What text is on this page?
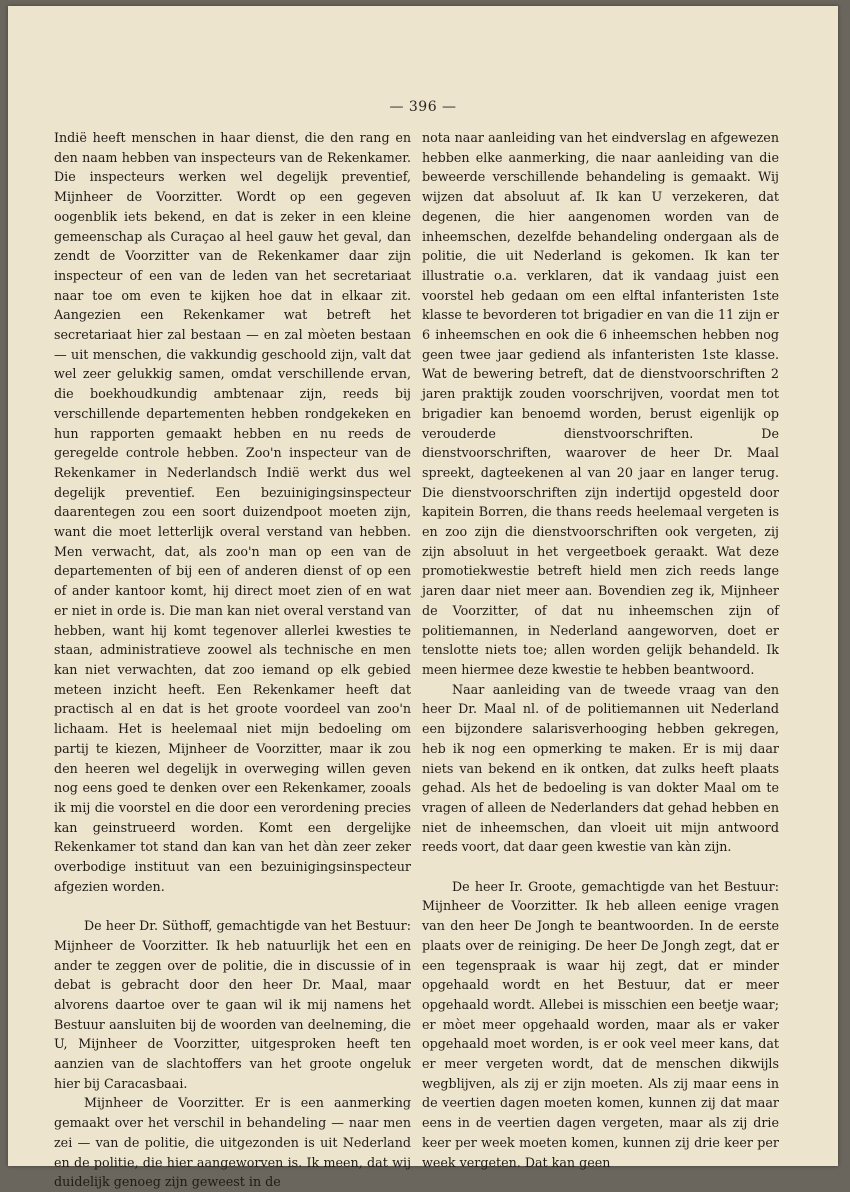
— 396 —

Indië heeft menschen in haar dienst, die den rang en den naam hebben van inspecteurs van de Rekenkamer. Die inspecteurs werken wel degelijk preventief, Mijnheer de Voorzitter. Wordt op een gegeven oogenblik iets bekend, en dat is zeker in een kleine gemeenschap als Curaçao al heel gauw het geval, dan zendt de Voorzitter van de Rekenkamer daar zijn inspecteur of een van de leden van het secretariaat naar toe om even te kijken hoe dat in elkaar zit. Aangezien een Rekenkamer wat betreft het secretariaat hier zal bestaan — en zal mòeten bestaan — uit menschen, die vakkundig geschoold zijn, valt dat wel zeer gelukkig samen, omdat verschillende ervan, die boekhoudkundig ambtenaar zijn, reeds bij verschillende departementen hebben rondgekeken en hun rapporten gemaakt hebben en nu reeds de geregelde controle hebben. Zoo'n inspecteur van de Rekenkamer in Nederlandsch Indië werkt dus wel degelijk preventief. Een bezuinigingsinspecteur daarentegen zou een soort duizendpoot moeten zijn, want die moet letterlijk overal verstand van hebben. Men verwacht, dat, als zoo'n man op een van de departementen of bij een of anderen dienst of op een of ander kantoor komt, hij direct moet zien of en wat er niet in orde is. Die man kan niet overal verstand van hebben, want hij komt tegenover allerlei kwesties te staan, administratieve zoowel als technische en men kan niet verwachten, dat zoo iemand op elk gebied meteen inzicht heeft. Een Rekenkamer heeft dat practisch al en dat is het groote voordeel van zoo'n lichaam. Het is heelemaal niet mijn bedoeling om partij te kiezen, Mijnheer de Voorzitter, maar ik zou den heeren wel degelijk in overweging willen geven nog eens goed te denken over een Rekenkamer, zooals ik mij die voorstel en die door een verordening precies kan geinstrueerd worden. Komt een dergelijke Rekenkamer tot stand dan kan van het dàn zeer zeker overbodige instituut van een bezuinigingsinspecteur afgezien worden.

De heer Dr. Süthoff, gemachtigde van het Bestuur: Mijnheer de Voorzitter. Ik heb natuurlijk het een en ander te zeggen over de politie, die in discussie of in debat is gebracht door den heer Dr. Maal, maar alvorens daartoe over te gaan wil ik mij namens het Bestuur aansluiten bij de woorden van deelneming, die U, Mijnheer de Voorzitter, uitgesproken heeft ten aanzien van de slachtoffers van het groote ongeluk hier bij Caracasbaai.

Mijnheer de Voorzitter. Er is een aanmerking gemaakt over het verschil in behandeling — naar men zei — van de politie, die uitgezonden is uit Nederland en de politie, die hier aangeworven is. Ik meen, dat wij duidelijk genoeg zijn geweest in de

nota naar aanleiding van het eindverslag en afgewezen hebben elke aanmerking, die naar aanleiding van die beweerde verschillende behandeling is gemaakt. Wij wijzen dat absoluut af. Ik kan U verzekeren, dat degenen, die hier aangenomen worden van de inheemschen, dezelfde behandeling ondergaan als de politie, die uit Nederland is gekomen. Ik kan ter illustratie o.a. verklaren, dat ik vandaag juist een voorstel heb gedaan om een elftal infanteristen 1ste klasse te bevorderen tot brigadier en van die 11 zijn er 6 inheemschen en ook die 6 inheemschen hebben nog geen twee jaar gediend als infanteristen 1ste klasse. Wat de bewering betreft, dat de dienstvoorschriften 2 jaren praktijk zouden voorschrijven, voordat men tot brigadier kan benoemd worden, berust eigenlijk op verouderde dienstvoorschriften. De dienstvoorschriften, waarover de heer Dr. Maal spreekt, dagteekenen al van 20 jaar en langer terug. Die dienstvoorschriften zijn indertijd opgesteld door kapitein Borren, die thans reeds heelemaal vergeten is en zoo zijn die dienstvoorschriften ook vergeten, zij zijn absoluut in het vergeetboek geraakt. Wat deze promotiekwestie betreft hield men zich reeds lange jaren daar niet meer aan. Bovendien zeg ik, Mijnheer de Voorzitter, of dat nu inheemschen zijn of politiemannen, in Nederland aangeworven, doet er tenslotte niets toe; allen worden gelijk behandeld. Ik meen hiermee deze kwestie te hebben beantwoord.

Naar aanleiding van de tweede vraag van den heer Dr. Maal nl. of de politiemannen uit Nederland een bijzondere salarisverhooging hebben gekregen, heb ik nog een opmerking te maken. Er is mij daar niets van bekend en ik ontken, dat zulks heeft plaats gehad. Als het de bedoeling is van dokter Maal om te vragen of alleen de Nederlanders dat gehad hebben en niet de inheemschen, dan vloeit uit mijn antwoord reeds voort, dat daar geen kwestie van kàn zijn.

De heer Ir. Groote, gemachtigde van het Bestuur: Mijnheer de Voorzitter. Ik heb alleen eenige vragen van den heer De Jongh te beantwoorden. In de eerste plaats over de reiniging. De heer De Jongh zegt, dat er een tegenspraak is waar hij zegt, dat er minder opgehaald wordt en het Bestuur, dat er meer opgehaald wordt. Allebei is misschien een beetje waar; er mòet meer opgehaald worden, maar als er vaker opgehaald moet worden, is er ook veel meer kans, dat er meer vergeten wordt, dat de menschen dikwijls wegblijven, als zij er zijn moeten. Als zij maar eens in de veertien dagen moeten komen, kunnen zij dat maar eens in de veertien dagen vergeten, maar als zij drie keer per week moeten komen, kunnen zij drie keer per week vergeten. Dat kan geen
